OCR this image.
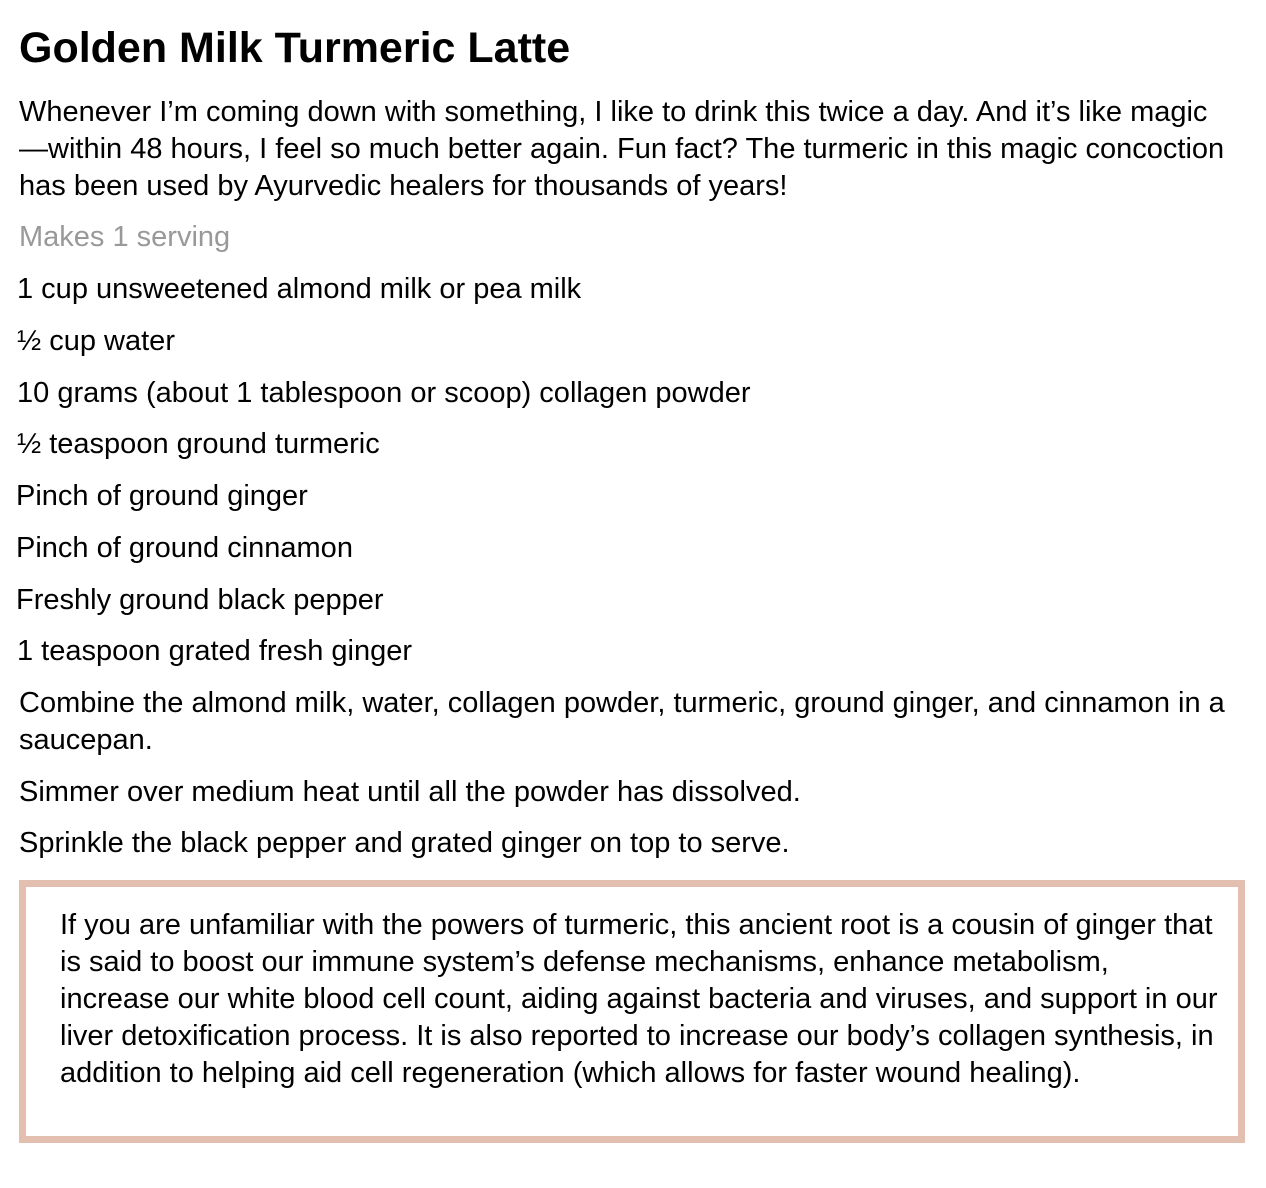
Golden Milk Turmeric Latte

Whenever I’m coming down with something, I like to drink this twice a day. And it’s like magic—within 48 hours, I feel so much better again. Fun fact? The turmeric in this magic concoction has been used by Ayurvedic healers for thousands of years!

Makes 1 serving

1 cup unsweetened almond milk or pea milk
½ cup water
10 grams (about 1 tablespoon or scoop) collagen powder
½ teaspoon ground turmeric
Pinch of ground ginger
Pinch of ground cinnamon
Freshly ground black pepper
1 teaspoon grated fresh ginger
Combine the almond milk, water, collagen powder, turmeric, ground ginger, and cinnamon in a saucepan.
Simmer over medium heat until all the powder has dissolved.
Sprinkle the black pepper and grated ginger on top to serve.

If you are unfamiliar with the powers of turmeric, this ancient root is a cousin of ginger that is said to boost our immune system’s defense mechanisms, enhance metabolism, increase our white blood cell count, aiding against bacteria and viruses, and support in our liver detoxification process. It is also reported to increase our body’s collagen synthesis, in addition to helping aid cell regeneration (which allows for faster wound healing).
